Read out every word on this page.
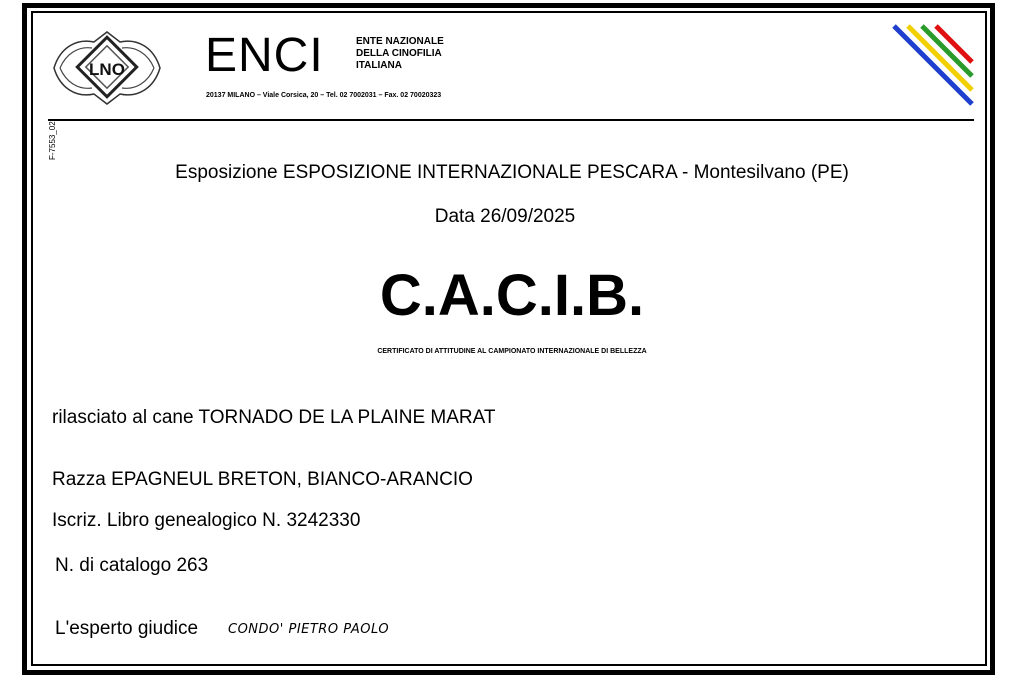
LNO ENCI	ENTE NAZIONALE
DELLA CINOFILIA
ITALIANA
20137 MILANO – Viale Corsica, 20 – Tel. 02 7002031 – Fax. 02 70020323
F-7553_02
Esposizione ESPOSIZIONE INTERNAZIONALE PESCARA - Montesilvano (PE)
Data 26/09/2025
C.A.C.I.B.
CERTIFICATO DI ATTITUDINE AL CAMPIONATO INTERNAZIONALE DI BELLEZZA
rilasciato al cane TORNADO DE LA PLAINE MARAT
Razza EPAGNEUL BRETON, BIANCO-ARANCIO
Iscriz. Libro genealogico N. 3242330
N. di catalogo 263
L'esperto giudice CONDO' PIETRO PAOLO
